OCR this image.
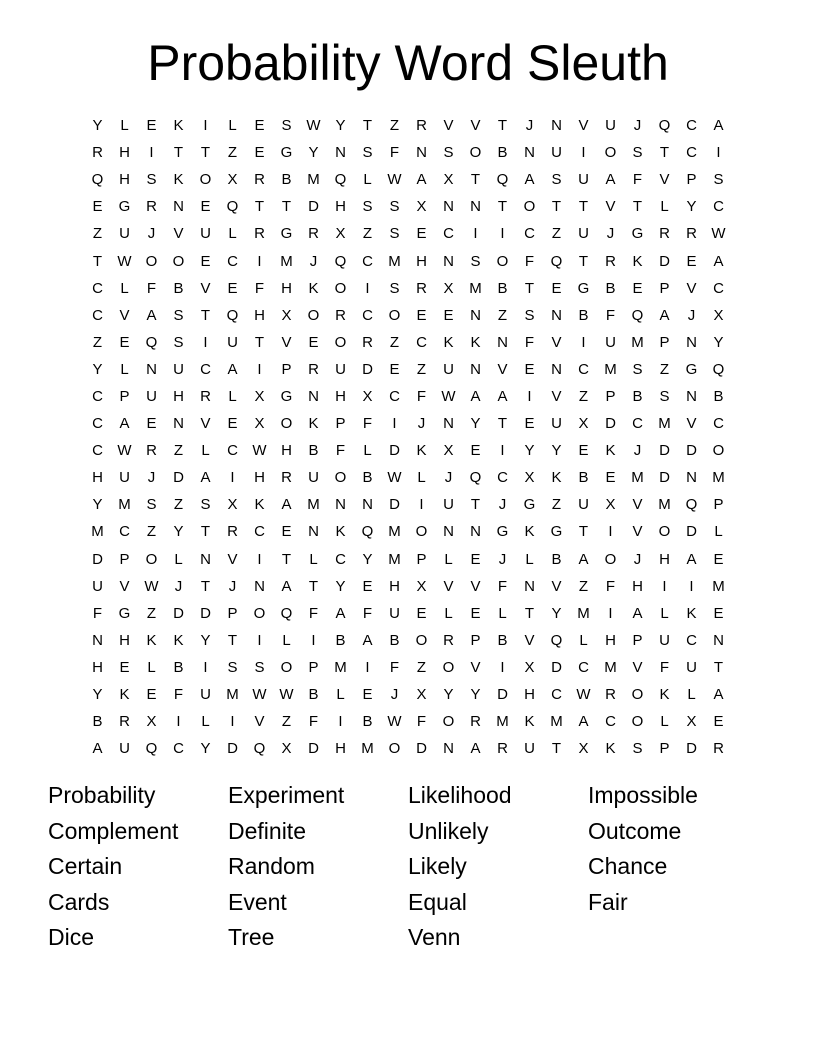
Probability Word Sleuth
Y	L	E	K	I	L	E	S W Y	T	Z	R	V	V	T	J	N	V	U	J	Q	C	A
R	H	I	T	T	Z	E	G	Y	N	S	F	N	S	O	B	N	U	I	O	S	T	C	I
Q	H	S	K	O	X	R	B	M Q	L	W A	X	T	Q	A	S	U	A	F	V	P	S
E	G	R	N	E	Q	T	T	D	H	S	S	X	N	N	T	O	T	T	V	T	L	Y	C
Z	U	J	V	U	L	R	G	R	X	Z	S	E	C	I	I	C	Z	U	J	G	R	R W
T	W O	O	E	C	I	M	J	Q	C	M	H	N	S	O	F	Q	T	R	K	D	E	A
C	L	F	B	V	E	F	H	K	O	I	S	R	X	M	B	T	E	G	B	E	P	V	C
C	V	A	S	T	Q	H	X	O	R	C	O	E	E	N	Z	S	N	B	F	Q	A	J	X
Z	E	Q	S	I	U	T	V	E	O	R	Z	C	K	K	N	F	V	I	U	M	P	N	Y
Y	L	N	U	C	A	I	P	R	U	D	E	Z	U	N	V	E	N	C	M	S	Z	G	Q
C	P	U	H	R	L	X	G	N	H	X	C	F	W A	A	I	V	Z	P	B	S	N	B
C	A	E	N	V	E	X	O	K	P	F	I	J	N	Y	T	E	U	X	D	C	M	V	C
C W R	Z	L	C W H	B	F	L	D	K	X	E	I	Y	Y	E	K	J	D	D	O
H	U	J	D	A	I	H	R	U	O	B W	L	J	Q	C	X	K	B	E	M	D	N	M
Y	M	S	Z	S	X	K	A	M	N	N	D	I	U	T	J	G	Z	U	X	V	M Q	P
M	C	Z	Y	T	R	C	E	N	K	Q M O	N	N	G	K	G	T	I	V	O	D	L
D	P	O	L	N	V	I	T	L	C	Y	M	P	L	E	J	L	B	A	O	J	H	A	E
U	V W	J	T	J	N	A	T	Y	E	H	X	V	V	F	N	V	Z	F	H	I	I	M
F	G	Z	D	D	P	O	Q	F	A	F	U	E	L	E	L	T	Y	M	I	A	L	K	E
N	H	K	K	Y	T	I	L	I	B	A	B	O	R	P	B	V	Q	L	H	P	U	C	N
H	E	L	B	I	S	S	O	P	M	I	F	Z	O	V	I	X	D	C	M	V	F	U	T
Y	K	E	F	U	M W W B	L	E	J	X	Y	Y	D	H	C W R	O	K	L	A
B	R	X	I	L	I	V	Z	F	I	B W	F	O	R	M	K	M	A	C	O	L	X	E
A	U	Q	C	Y	D	Q	X	D	H	M O	D	N	A	R	U	T	X	K	S	P	D	R
Probability
Complement
Certain
Cards
Dice
Experiment
Definite
Random
Event
Tree
Likelihood
Unlikely
Likely
Equal
Venn
Impossible
Outcome
Chance
Fair
